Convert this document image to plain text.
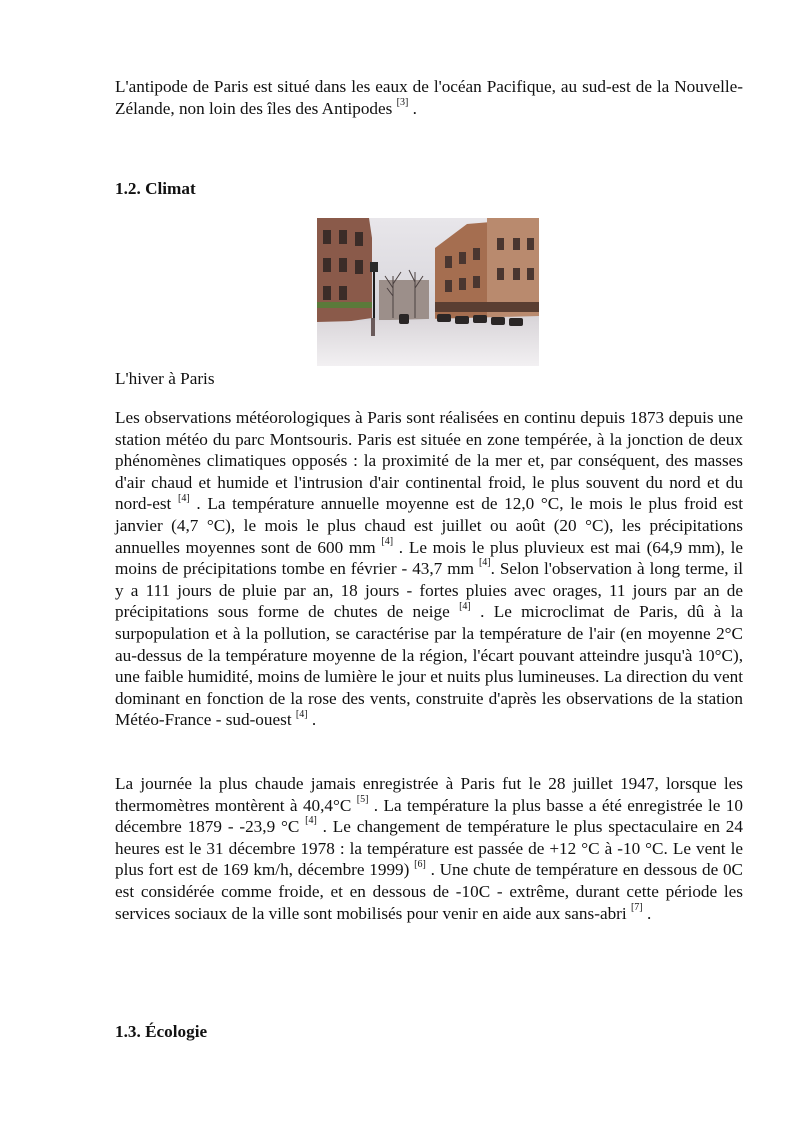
L'antipode de Paris est situé dans les eaux de l'océan Pacifique, au sud-est de la Nouvelle-Zélande, non loin des îles des Antipodes [3] .

1.2. Climat

L'hiver à Paris

Les observations météorologiques à Paris sont réalisées en continu depuis 1873 depuis une station météo du parc Montsouris. Paris est située en zone tempérée, à la jonction de deux phénomènes climatiques opposés : la proximité de la mer et, par conséquent, des masses d'air chaud et humide et l'intrusion d'air continental froid, le plus souvent du nord et du nord-est [4] . La température annuelle moyenne est de 12,0 °C, le mois le plus froid est janvier (4,7 °C), le mois le plus chaud est juillet ou août (20 °C), les précipitations annuelles moyennes sont de 600 mm [4] . Le mois le plus pluvieux est mai (64,9 mm), le moins de précipitations tombe en février - 43,7 mm [4]. Selon l'observation à long terme, il y a 111 jours de pluie par an, 18 jours - fortes pluies avec orages, 11 jours par an de précipitations sous forme de chutes de neige [4] . Le microclimat de Paris, dû à la surpopulation et à la pollution, se caractérise par la température de l'air (en moyenne 2°C au-dessus de la température moyenne de la région, l'écart pouvant atteindre jusqu'à 10°C), une faible humidité, moins de lumière le jour et nuits plus lumineuses. La direction du vent dominant en fonction de la rose des vents, construite d'après les observations de la station Météo-France - sud-ouest [4] .

La journée la plus chaude jamais enregistrée à Paris fut le 28 juillet 1947, lorsque les thermomètres montèrent à 40,4°C [5] . La température la plus basse a été enregistrée le 10 décembre 1879 - -23,9 °C [4] . Le changement de température le plus spectaculaire en 24 heures est le 31 décembre 1978 : la température est passée de +12 °C à -10 °C. Le vent le plus fort est de 169 km/h, décembre 1999) [6] . Une chute de température en dessous de 0C est considérée comme froide, et en dessous de -10C - extrême, durant cette période les services sociaux de la ville sont mobilisés pour venir en aide aux sans-abri [7] .

1.3. Écologie
